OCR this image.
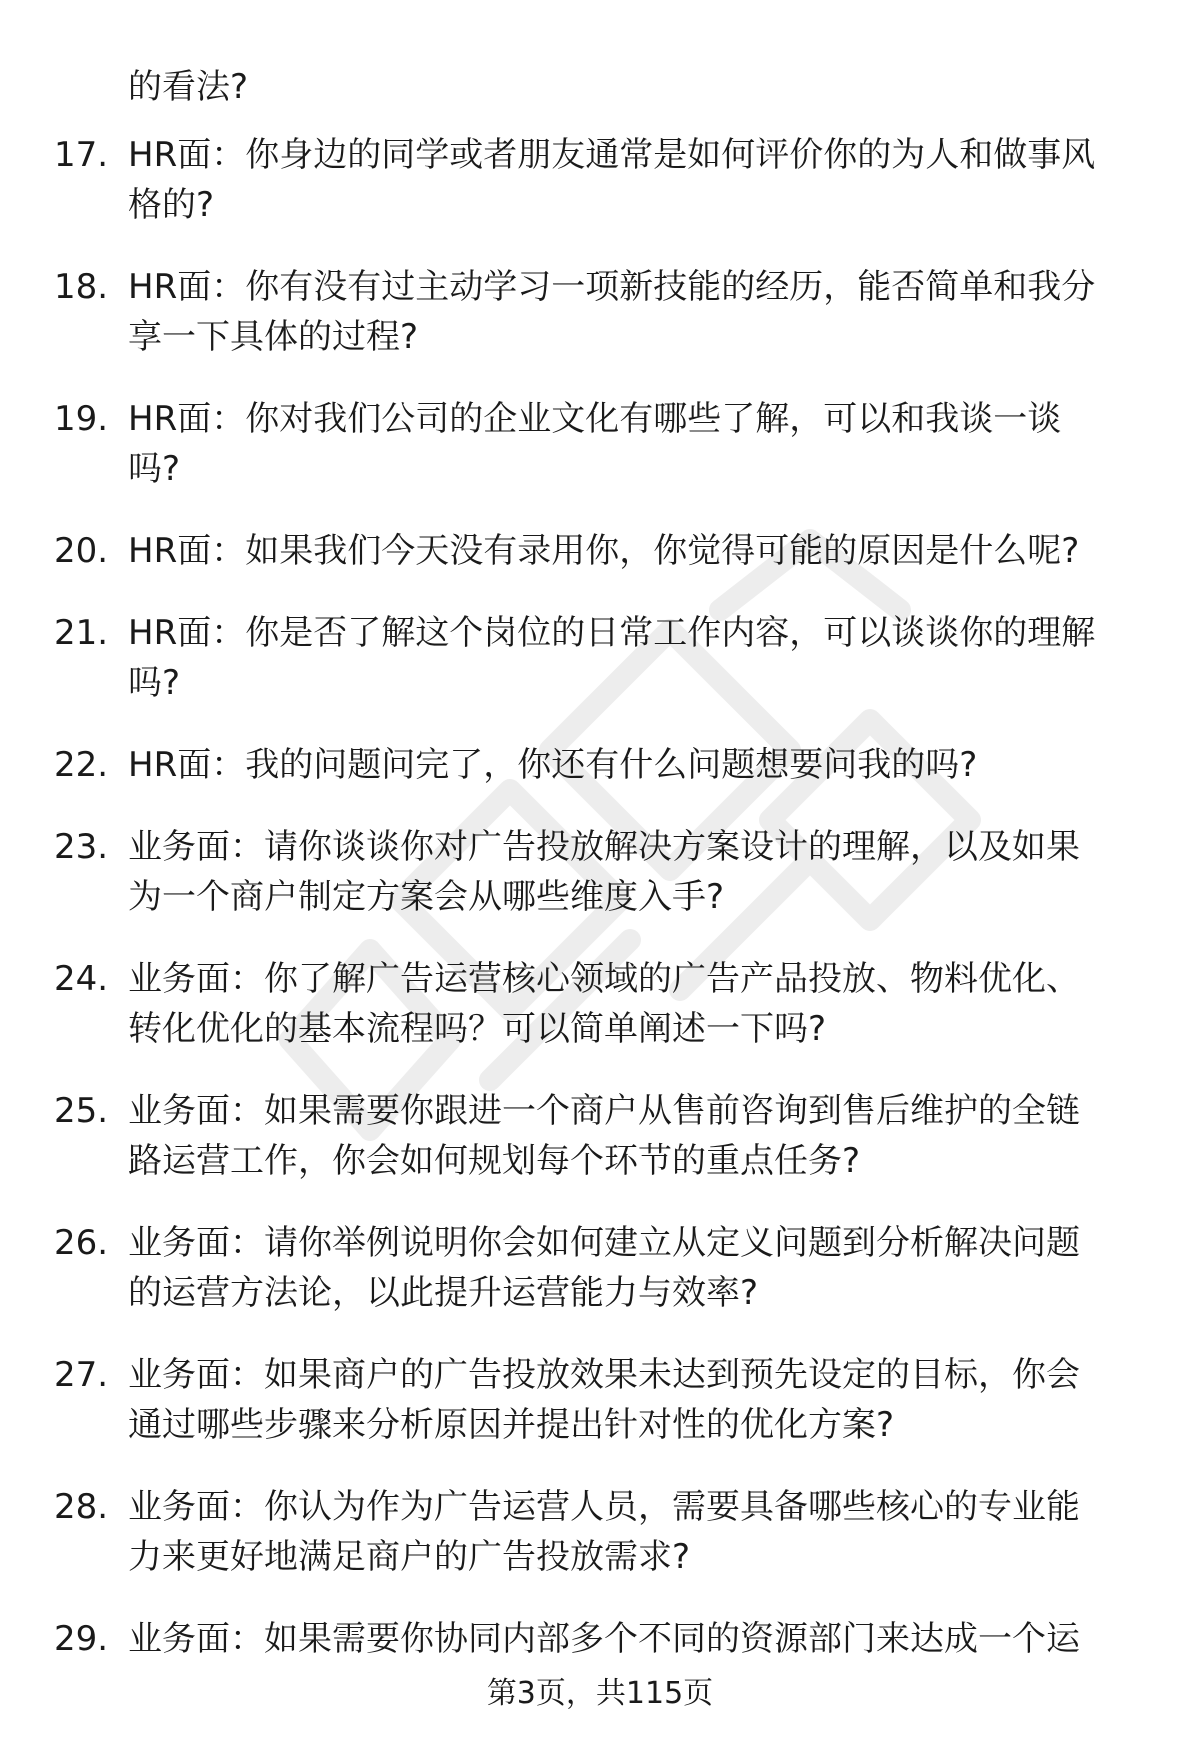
的看法?
17. HR面：你身边的同学或者朋友通常是如何评价你的为人和做事风
格的?
18. HR面：你有没有过主动学习一项新技能的经历，能否简单和我分
享一下具体的过程?
19. HR面：你对我们公司的企业文化有哪些了解，可以和我谈一谈
吗?
20. HR面：如果我们今天没有录用你，你觉得可能的原因是什么呢?
21. HR面：你是否了解这个岗位的日常工作内容，可以谈谈你的理解
吗?
22. HR面：我的问题问完了，你还有什么问题想要问我的吗?
23. 业务面：请你谈谈你对广告投放解决方案设计的理解，以及如果
为一个商户制定方案会从哪些维度入手?
24. 业务面：你了解广告运营核心领域的广告产品投放、物料优化、
转化优化的基本流程吗？可以简单阐述一下吗?
25. 业务面：如果需要你跟进一个商户从售前咨询到售后维护的全链
路运营工作，你会如何规划每个环节的重点任务?
26. 业务面：请你举例说明你会如何建立从定义问题到分析解决问题
的运营方法论，以此提升运营能力与效率?
27. 业务面：如果商户的广告投放效果未达到预先设定的目标，你会
通过哪些步骤来分析原因并提出针对性的优化方案?
28. 业务面：你认为作为广告运营人员，需要具备哪些核心的专业能
力来更好地满足商户的广告投放需求?
29. 业务面：如果需要你协同内部多个不同的资源部门来达成一个运
第3页，共115页
